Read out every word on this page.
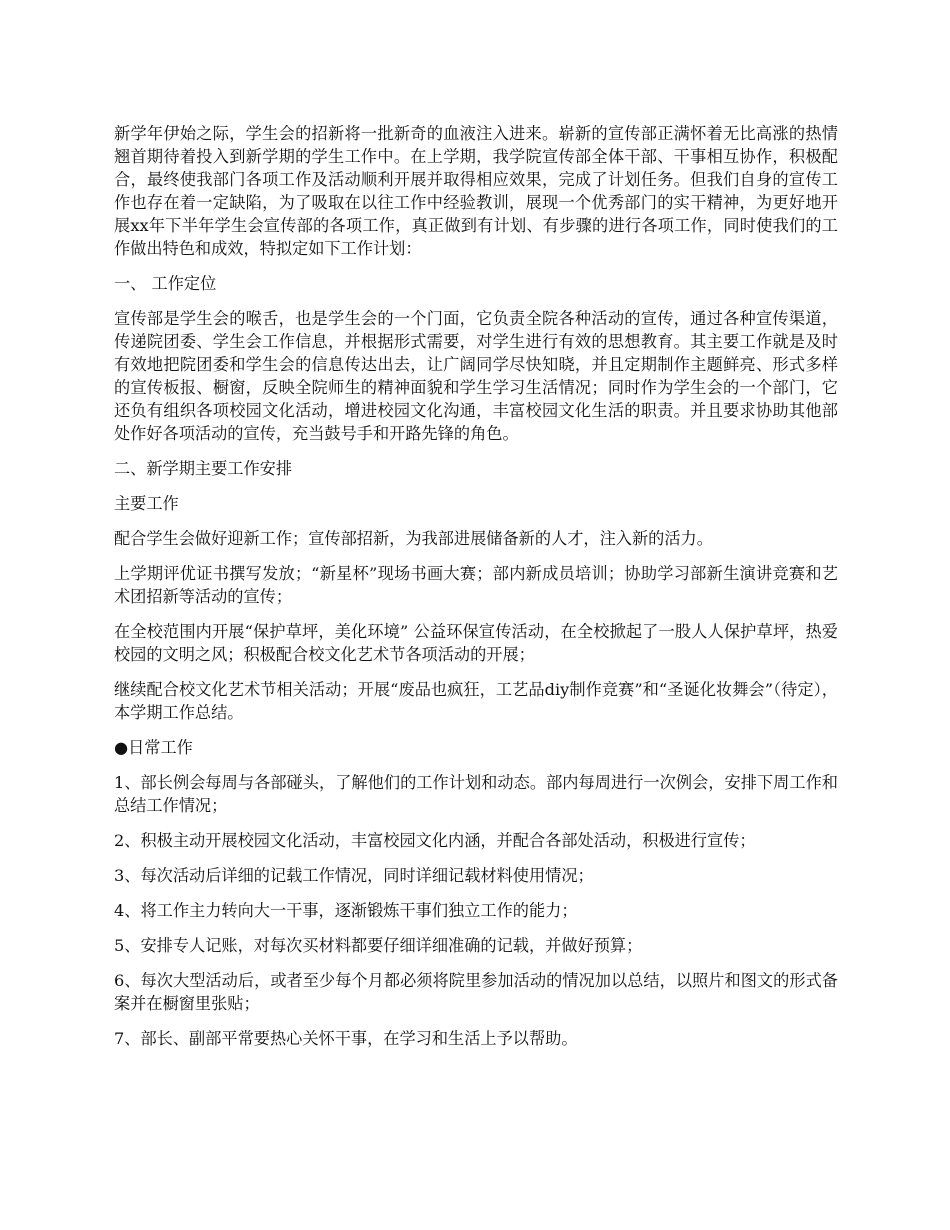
新学年伊始之际，学生会的招新将一批新奇的血液注入进来。崭新的宣传部正满怀着无比高涨的热情翘首期待着投入到新学期的学生工作中。在上学期，我学院宣传部全体干部、干事相互协作，积极配合，最终使我部门各项工作及活动顺利开展并取得相应效果，完成了计划任务。但我们自身的宣传工作也存在着一定缺陷，为了吸取在以往工作中经验教训，展现一个优秀部门的实干精神，为更好地开展xx年下半年学生会宣传部的各项工作，真正做到有计划、有步骤的进行各项工作，同时使我们的工作做出特色和成效，特拟定如下工作计划：

一、 工作定位

宣传部是学生会的喉舌，也是学生会的一个门面，它负责全院各种活动的宣传，通过各种宣传渠道，传递院团委、学生会工作信息，并根据形式需要，对学生进行有效的思想教育。其主要工作就是及时有效地把院团委和学生会的信息传达出去，让广阔同学尽快知晓，并且定期制作主题鲜亮、形式多样的宣传板报、橱窗，反映全院师生的精神面貌和学生学习生活情况；同时作为学生会的一个部门，它还负有组织各项校园文化活动，增进校园文化沟通，丰富校园文化生活的职责。并且要求协助其他部处作好各项活动的宣传，充当鼓号手和开路先锋的角色。

二、新学期主要工作安排

主要工作

配合学生会做好迎新工作；宣传部招新，为我部进展储备新的人才，注入新的活力。

上学期评优证书撰写发放；“新星杯”现场书画大赛；部内新成员培训；协助学习部新生演讲竞赛和艺术团招新等活动的宣传；

在全校范围内开展“保护草坪，美化环境” 公益环保宣传活动，在全校掀起了一股人人保护草坪，热爱校园的文明之风；积极配合校文化艺术节各项活动的开展；

继续配合校文化艺术节相关活动；开展“废品也疯狂，工艺品diy制作竞赛”和“圣诞化妆舞会”（待定），本学期工作总结。

●日常工作

1、部长例会每周与各部碰头，了解他们的工作计划和动态。部内每周进行一次例会，安排下周工作和总结工作情况；

2、积极主动开展校园文化活动，丰富校园文化内涵，并配合各部处活动，积极进行宣传；

3、每次活动后详细的记载工作情况，同时详细记载材料使用情况；

4、将工作主力转向大一干事，逐渐锻炼干事们独立工作的能力；

5、安排专人记账，对每次买材料都要仔细详细准确的记载，并做好预算；

6、每次大型活动后，或者至少每个月都必须将院里参加活动的情况加以总结，以照片和图文的形式备案并在橱窗里张贴；

7、部长、副部平常要热心关怀干事，在学习和生活上予以帮助。
